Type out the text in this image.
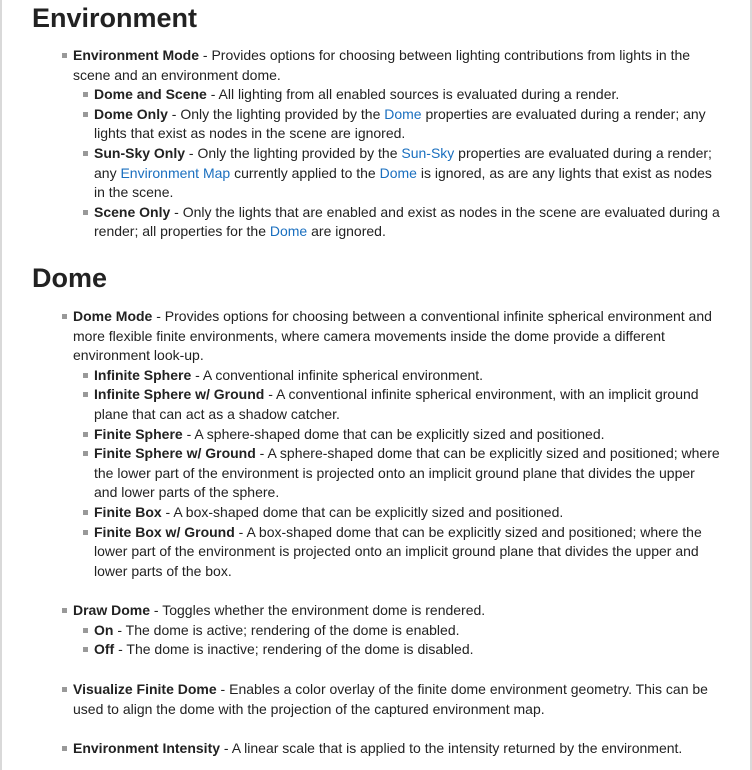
Environment
Environment Mode - Provides options for choosing between lighting contributions from lights in the scene and an environment dome.
Dome and Scene - All lighting from all enabled sources is evaluated during a render.
Dome Only - Only the lighting provided by the Dome properties are evaluated during a render; any lights that exist as nodes in the scene are ignored.
Sun-Sky Only - Only the lighting provided by the Sun-Sky properties are evaluated during a render; any Environment Map currently applied to the Dome is ignored, as are any lights that exist as nodes in the scene.
Scene Only - Only the lights that are enabled and exist as nodes in the scene are evaluated during a render; all properties for the Dome are ignored.
Dome
Dome Mode - Provides options for choosing between a conventional infinite spherical environment and more flexible finite environments, where camera movements inside the dome provide a different environment look-up.
Infinite Sphere - A conventional infinite spherical environment.
Infinite Sphere w/ Ground - A conventional infinite spherical environment, with an implicit ground plane that can act as a shadow catcher.
Finite Sphere - A sphere-shaped dome that can be explicitly sized and positioned.
Finite Sphere w/ Ground - A sphere-shaped dome that can be explicitly sized and positioned; where the lower part of the environment is projected onto an implicit ground plane that divides the upper and lower parts of the sphere.
Finite Box - A box-shaped dome that can be explicitly sized and positioned.
Finite Box w/ Ground - A box-shaped dome that can be explicitly sized and positioned; where the lower part of the environment is projected onto an implicit ground plane that divides the upper and lower parts of the box.
Draw Dome - Toggles whether the environment dome is rendered.
On - The dome is active; rendering of the dome is enabled.
Off - The dome is inactive; rendering of the dome is disabled.
Visualize Finite Dome - Enables a color overlay of the finite dome environment geometry. This can be used to align the dome with the projection of the captured environment map.
Environment Intensity - A linear scale that is applied to the intensity returned by the environment.
